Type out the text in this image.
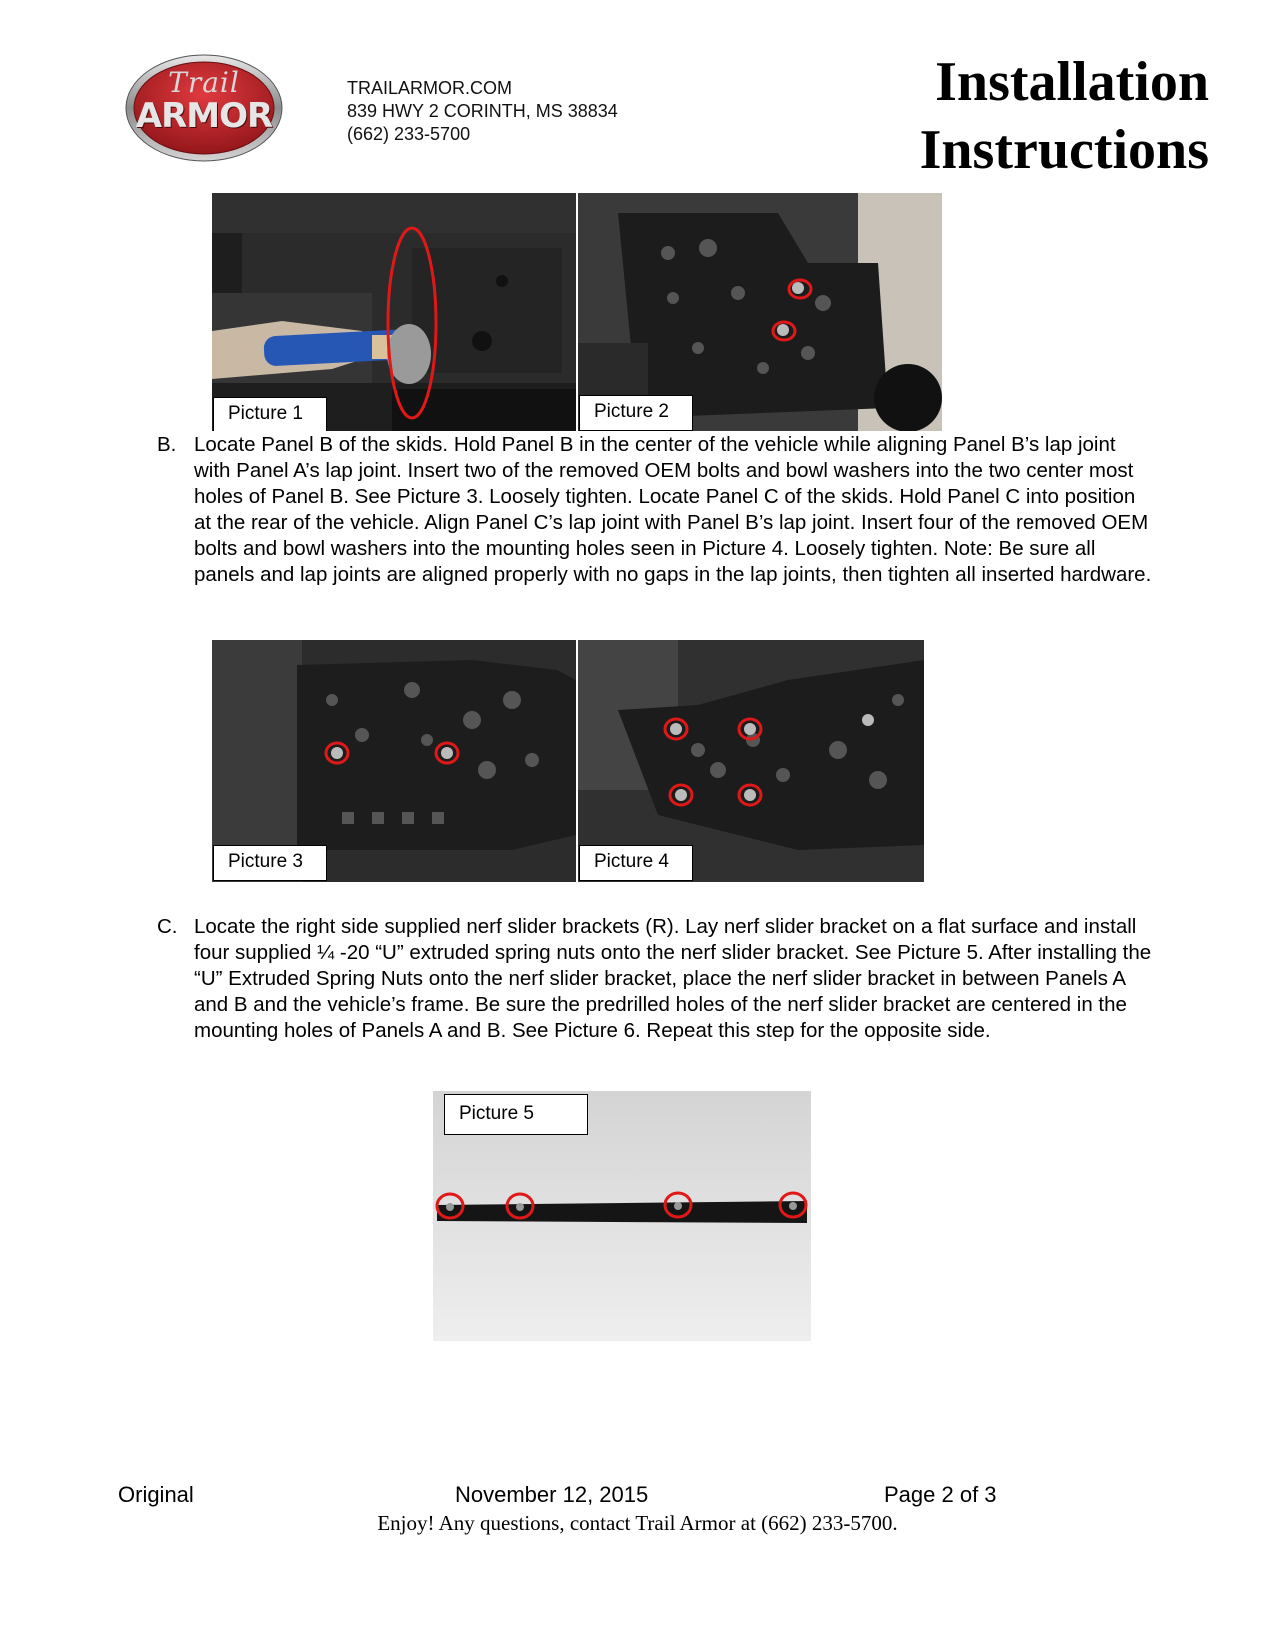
Trail
ARMOR
TRAILARMOR.COM
839 HWY 2 CORINTH, MS 38834
(662) 233-5700
Installation
Instructions
Picture 1	Picture 2
B. Locate Panel B of the skids. Hold Panel B in the center of the vehicle while aligning Panel B’s lap joint with Panel A’s lap joint. Insert two of the removed OEM bolts and bowl washers into the two center most holes of Panel B. See Picture 3. Loosely tighten. Locate Panel C of the skids. Hold Panel C into position at the rear of the vehicle. Align Panel C’s lap joint with Panel B’s lap joint. Insert four of the removed OEM bolts and bowl washers into the mounting holes seen in Picture 4. Loosely tighten. Note: Be sure all panels and lap joints are aligned properly with no gaps in the lap joints, then tighten all inserted hardware.
Picture 3	Picture 4
C. Locate the right side supplied nerf slider brackets (R). Lay nerf slider bracket on a flat surface and install four supplied ¼ -20 “U” extruded spring nuts onto the nerf slider bracket. See Picture 5. After installing the “U” Extruded Spring Nuts onto the nerf slider bracket, place the nerf slider bracket in between Panels A and B and the vehicle’s frame. Be sure the predrilled holes of the nerf slider bracket are centered in the mounting holes of Panels A and B. See Picture 6. Repeat this step for the opposite side.
Picture 5
Original	November 12, 2015	Page 2 of 3
Enjoy! Any questions, contact Trail Armor at (662) 233-5700.
